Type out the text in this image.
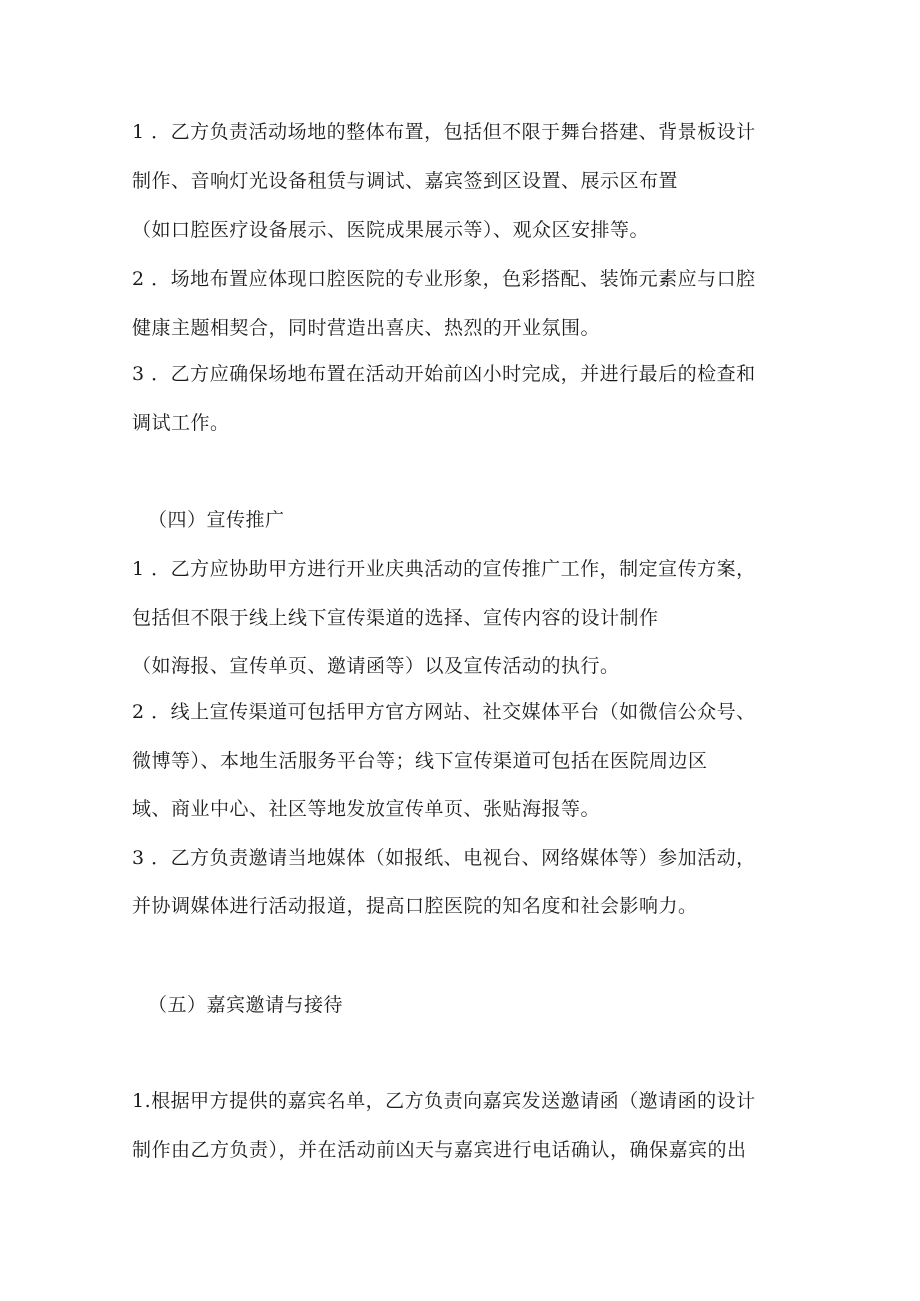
1 ．乙方负责活动场地的整体布置，包括但不限于舞台搭建、背景板设计
制作、音响灯光设备租赁与调试、嘉宾签到区设置、展示区布置
（如口腔医疗设备展示、医院成果展示等）、观众区安排等。
2 ．场地布置应体现口腔医院的专业形象，色彩搭配、装饰元素应与口腔
健康主题相契合，同时营造出喜庆、热烈的开业氛围。
3 ．乙方应确保场地布置在活动开始前凶小时完成，并进行最后的检查和
调试工作。
（四）宣传推广
1 ．乙方应协助甲方进行开业庆典活动的宣传推广工作，制定宣传方案，
包括但不限于线上线下宣传渠道的选择、宣传内容的设计制作
（如海报、宣传单页、邀请函等）以及宣传活动的执行。
2 ．线上宣传渠道可包括甲方官方网站、社交媒体平台（如微信公众号、
微博等）、本地生活服务平台等；线下宣传渠道可包括在医院周边区
域、商业中心、社区等地发放宣传单页、张贴海报等。
3 ．乙方负责邀请当地媒体（如报纸、电视台、网络媒体等）参加活动，
并协调媒体进行活动报道，提高口腔医院的知名度和社会影响力。
（五）嘉宾邀请与接待
1.根据甲方提供的嘉宾名单，乙方负责向嘉宾发送邀请函（邀请函的设计
制作由乙方负责），并在活动前凶天与嘉宾进行电话确认，确保嘉宾的出
